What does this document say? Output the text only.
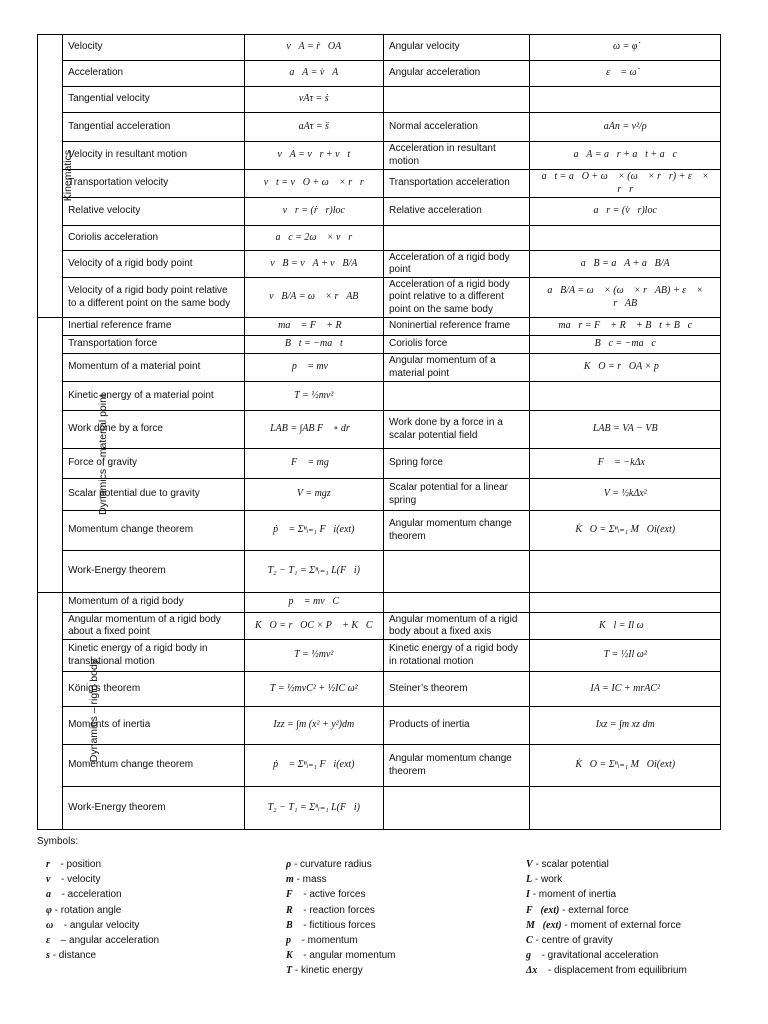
Kinematics	Velocity	v⃗A = ṙ⃗OA	Angular velocity	ω = φ̇
	Acceleration	a⃗A = v̇⃗A	Angular acceleration	ε⃗ = ω̇⃗
	Tangential velocity	vAτ = ṡ		
	Tangential acceleration	aAτ = s̈	Normal acceleration	aAn = v²/ρ
	Velocity in resultant motion	v⃗A = v⃗r + v⃗t	Acceleration in resultant motion	a⃗A = a⃗r + a⃗t + a⃗c
	Transportation velocity	v⃗t = v⃗O + ω⃗ × r⃗r	Transportation acceleration	a⃗t = a⃗O + ω⃗ × (ω⃗ × r⃗r) + ε⃗ × r⃗r
	Relative velocity	v⃗r = (ṙ⃗r)loc	Relative acceleration	a⃗r = (v̇⃗r)loc
	Coriolis acceleration	a⃗c = 2ω⃗ × v⃗r		
	Velocity of a rigid body point	v⃗B = v⃗A + v⃗B/A	Acceleration of a rigid body point	a⃗B = a⃗A + a⃗B/A
	Velocity of a rigid body point relative to a different point on the same body	v⃗B/A = ω⃗ × r⃗AB	Acceleration of a rigid body point relative to a different point on the same body	a⃗B/A = ω⃗ × (ω⃗ × r⃗AB) + ε⃗ × r⃗AB
Dynamics – material point	Inertial reference frame	ma⃗ = F⃗ + R⃗	Noninertial reference frame	ma⃗r = F⃗ + R⃗ + B⃗t + B⃗c
	Transportation force	B⃗t = −ma⃗t	Coriolis force	B⃗c = −ma⃗c
	Momentum of a material point	p⃗ = mv⃗	Angular momentum of a material point	K⃗O = r⃗OA × p⃗
	Kinetic energy of a material point	T = ½mv²		
	Work done by a force	LAB = ∫AB F⃗ ∘ dr⃗	Work done by a force in a scalar potential field	LAB = VA − VB
	Force of gravity	F⃗ = mg⃗	Spring force	F⃗ = −kΔx⃗
	Scalar potential due to gravity	V = mgz	Scalar potential for a linear spring	V = ½kΔx²
	Momentum change theorem	ṗ⃗ = Σⁿᵢ₌₁ F⃗i(ext)	Angular momentum change theorem	K̇⃗O = Σⁿᵢ₌₁ M⃗Oi(ext)
	Work-Energy theorem	T₂ − T₁ = Σⁿᵢ₌₁ L(F⃗i)		
Dynamics – rigid body	Momentum of a rigid body	p⃗ = mv⃗C		
	Angular momentum of a rigid body about a fixed point	K⃗O = r⃗OC × P⃗ + K⃗C	Angular momentum of a rigid body about a fixed axis	K⃗l = Il ω⃗
	Kinetic energy of a rigid body in translational motion	T = ½mv²	Kinetic energy of a rigid body in rotational motion	T = ½Il ω²
	König’s theorem	T = ½mvC² + ½IC ω²	Steiner’s theorem	IA = IC + mrAC²
	Moments of inertia	Izz = ∫m (x² + y²)dm	Products of inertia	Ixz = ∫m xz dm
	Momentum change theorem	ṗ⃗ = Σⁿᵢ₌₁ F⃗i(ext)	Angular momentum change theorem	K̇⃗O = Σⁿᵢ₌₁ M⃗Oi(ext)
	Work-Energy theorem	T₂ − T₁ = Σⁿᵢ₌₁ L(F⃗i)		
Symbols:
r⃗ - position
v⃗ - velocity
a⃗ - acceleration
φ - rotation angle
ω⃗ - angular velocity
ε⃗ – angular acceleration
s - distance
ρ - curvature radius
m - mass
F⃗ - active forces
R⃗ - reaction forces
B⃗ - fictitious forces
p⃗ - momentum
K⃗ - angular momentum
T - kinetic energy
V - scalar potential
L - work
I - moment of inertia
F⃗(ext) - external force
M⃗(ext) - moment of external force
C - centre of gravity
g⃗ - gravitational acceleration
Δx⃗ - displacement from equilibrium
